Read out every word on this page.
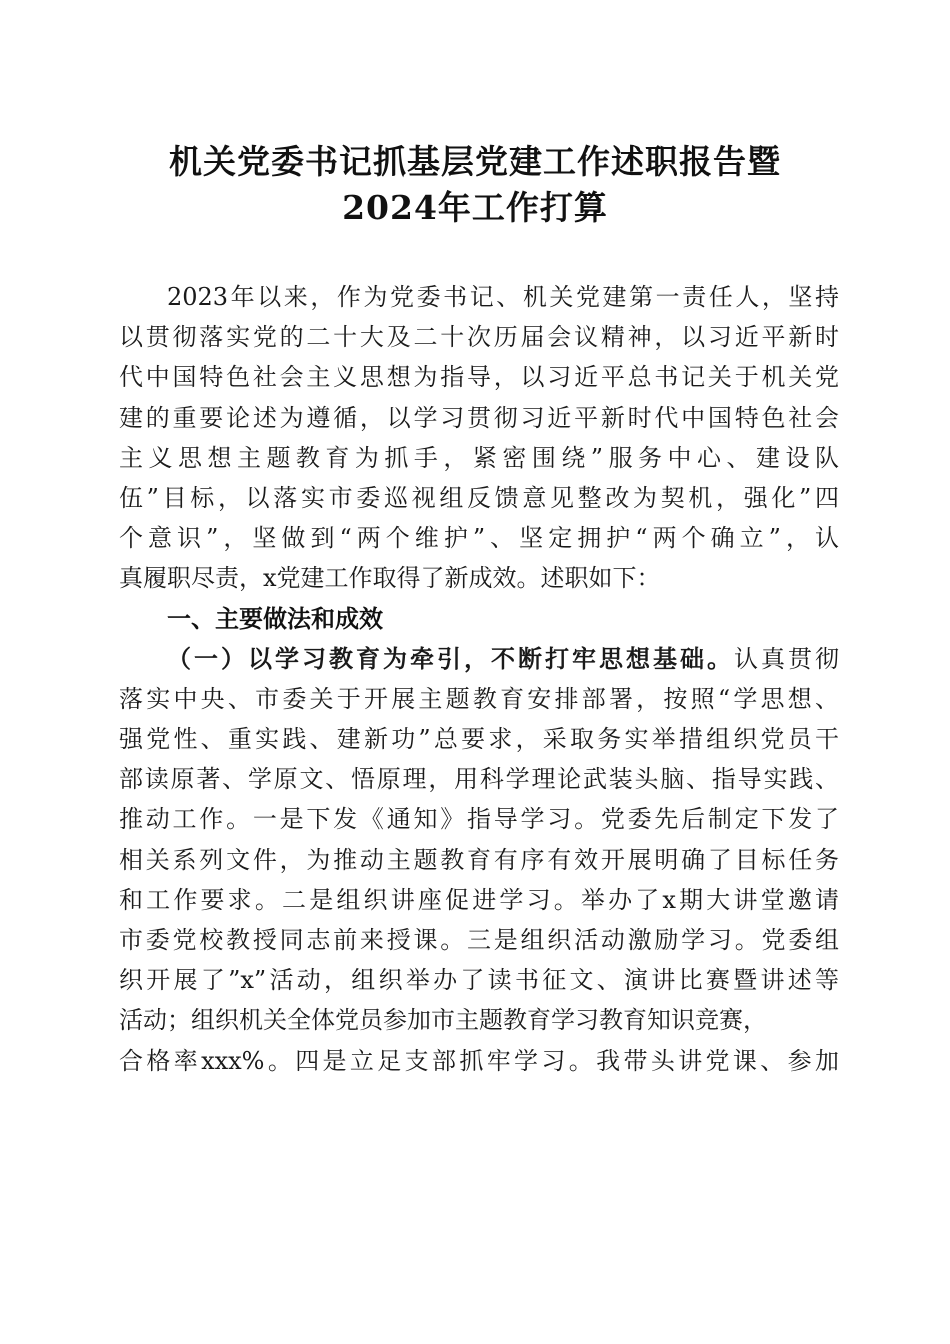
机关党委书记抓基层党建工作述职报告暨
2024年工作打算
2023年以来，作为党委书记、机关党建第一责任人，坚持
以贯彻落实党的二十大及二十次历届会议精神，以习近平新时
代中国特色社会主义思想为指导，以习近平总书记关于机关党
建的重要论述为遵循，以学习贯彻习近平新时代中国特色社会
主义思想主题教育为抓手，紧密围绕”服务中心、建设队
伍”目标，以落实市委巡视组反馈意见整改为契机，强化”四
个意识”，坚做到“两个维护”、坚定拥护“两个确立”，认
真履职尽责，x党建工作取得了新成效。述职如下：
一、主要做法和成效
（一）以学习教育为牵引，不断打牢思想基础。认真贯彻
落实中央、市委关于开展主题教育安排部署，按照“学思想、
强党性、重实践、建新功”总要求，采取务实举措组织党员干
部读原著、学原文、悟原理，用科学理论武装头脑、指导实践、
推动工作。一是下发《通知》指导学习。党委先后制定下发了
相关系列文件，为推动主题教育有序有效开展明确了目标任务
和工作要求。二是组织讲座促进学习。举办了x期大讲堂邀请
市委党校教授同志前来授课。三是组织活动激励学习。党委组
织开展了”x”活动，组织举办了读书征文、演讲比赛暨讲述等
活动；组织机关全体党员参加市主题教育学习教育知识竞赛，
合格率xxx%。四是立足支部抓牢学习。我带头讲党课、参加
